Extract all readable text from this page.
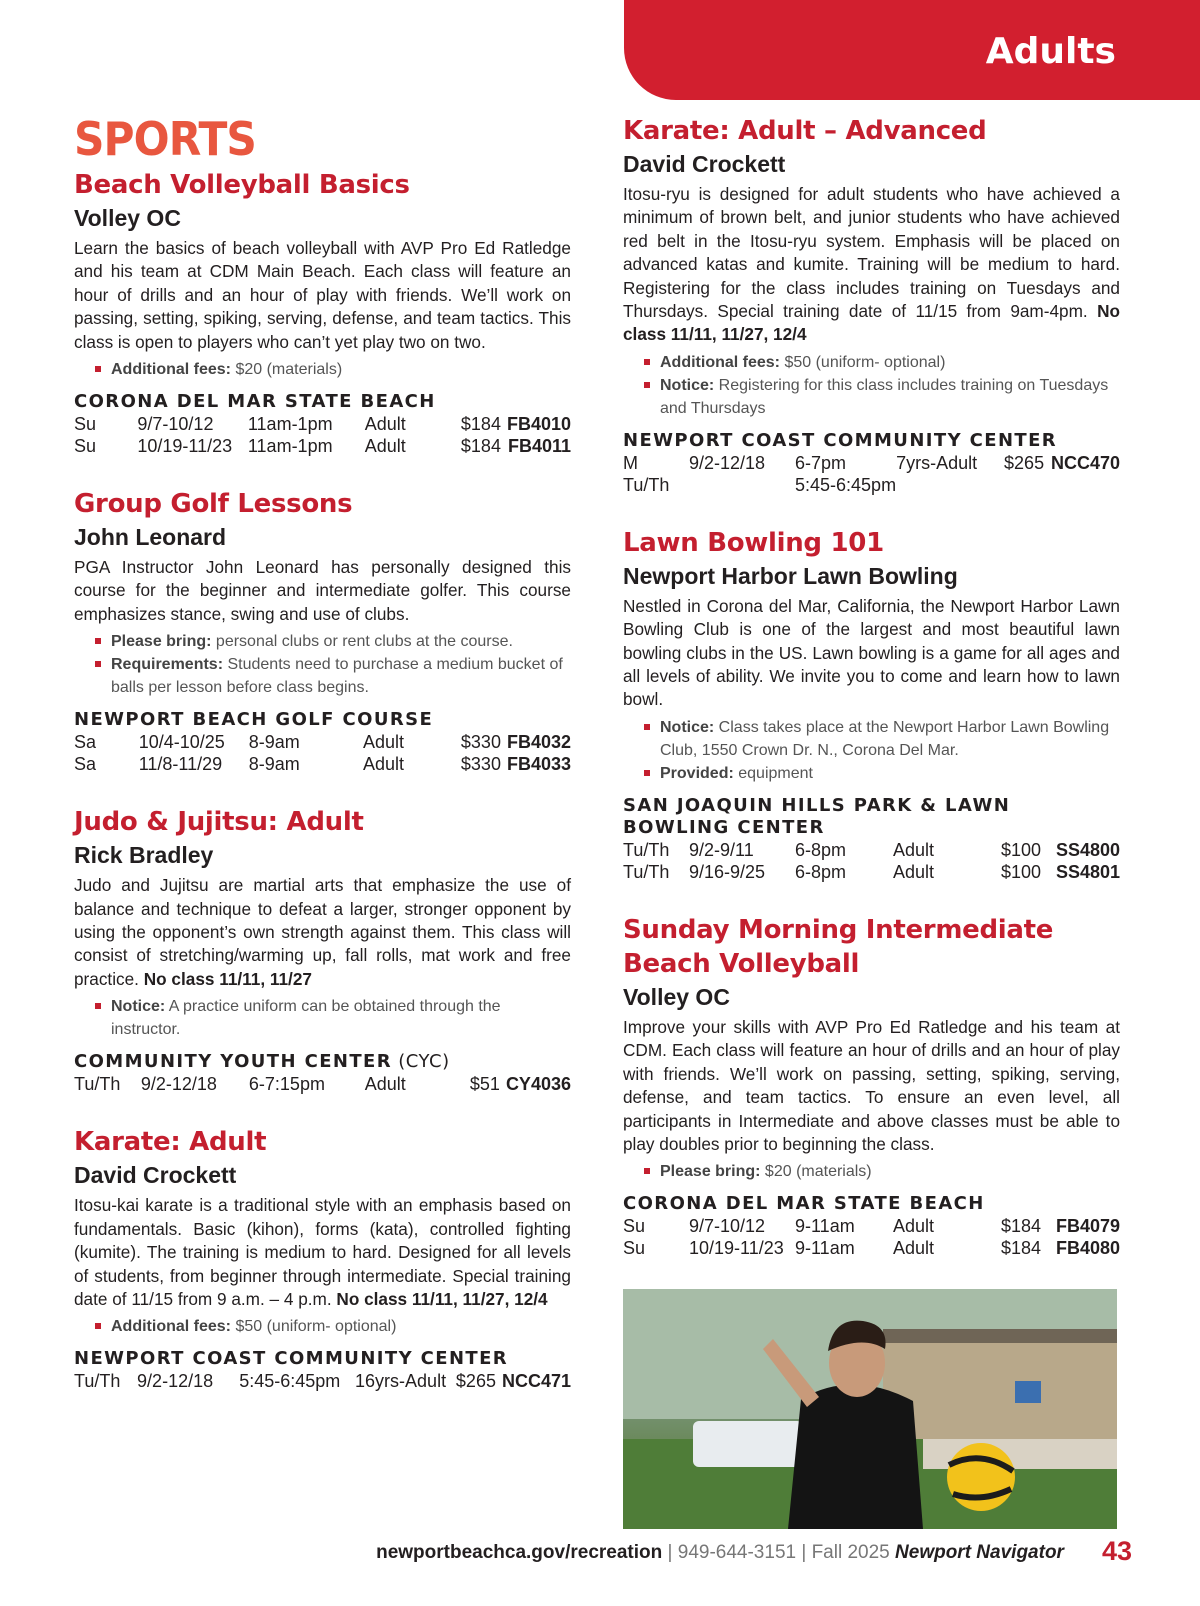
Adults
SPORTS
Beach Volleyball Basics
Volley OC

Learn the basics of beach volleyball with AVP Pro Ed Ratledge and his team at CDM Main Beach. Each class will feature an hour of drills and an hour of play with friends. We’ll work on passing, setting, spiking, serving, defense, and team tactics. This class is open to players who can’t yet play two on two.

Additional fees: $20 (materials)
CORONA DEL MAR STATE BEACH
Su	9/7-10/12	11am-1pm	Adult	$184	FB4010
Su	10/19-11/23	11am-1pm	Adult	$184	FB4011
Group Golf Lessons
John Leonard

PGA Instructor John Leonard has personally designed this course for the beginner and intermediate golfer. This course emphasizes stance, swing and use of clubs.

Please bring: personal clubs or rent clubs at the course.
Requirements: Students need to purchase a medium bucket of balls per lesson before class begins.
NEWPORT BEACH GOLF COURSE
Sa	10/4-10/25	8-9am	Adult	$330	FB4032
Sa	11/8-11/29	8-9am	Adult	$330	FB4033
Judo & Jujitsu: Adult
Rick Bradley

Judo and Jujitsu are martial arts that emphasize the use of balance and technique to defeat a larger, stronger opponent by using the opponent’s own strength against them. This class will consist of stretching/warming up, fall rolls, mat work and free practice. No class 11/11, 11/27

Notice: A practice uniform can be obtained through the instructor.
COMMUNITY YOUTH CENTER (CYC)
Tu/Th	9/2-12/18	6-7:15pm	Adult	$51	CY4036
Karate: Adult
David Crockett

Itosu-kai karate is a traditional style with an emphasis based on fundamentals. Basic (kihon), forms (kata), controlled fighting (kumite). The training is medium to hard. Designed for all levels of students, from beginner through intermediate. Special training date of 11/15 from 9 a.m. – 4 p.m. No class 11/11, 11/27, 12/4

Additional fees: $50 (uniform- optional)
NEWPORT COAST COMMUNITY CENTER
Tu/Th	9/2-12/18	5:45-6:45pm	16yrs-Adult	$265	NCC471
Karate: Adult – Advanced
David Crockett

Itosu-ryu is designed for adult students who have achieved a minimum of brown belt, and junior students who have achieved red belt in the Itosu-ryu system. Emphasis will be placed on advanced katas and kumite. Training will be medium to hard. Registering for the class includes training on Tuesdays and Thursdays. Special training date of 11/15 from 9am-4pm. No class 11/11, 11/27, 12/4

Additional fees: $50 (uniform- optional)
Notice: Registering for this class includes training on Tuesdays and Thursdays
NEWPORT COAST COMMUNITY CENTER
M	9/2-12/18	6-7pm	7yrs-Adult	$265	NCC470
Tu/Th		5:45-6:45pm			
Lawn Bowling 101
Newport Harbor Lawn Bowling

Nestled in Corona del Mar, California, the Newport Harbor Lawn Bowling Club is one of the largest and most beautiful lawn bowling clubs in the US. Lawn bowling is a game for all ages and all levels of ability. We invite you to come and learn how to lawn bowl.

Notice: Class takes place at the Newport Harbor Lawn Bowling Club, 1550 Crown Dr. N., Corona Del Mar.
Provided: equipment
SAN JOAQUIN HILLS PARK & LAWN BOWLING CENTER
Tu/Th	9/2-9/11	6-8pm	Adult	$100	SS4800
Tu/Th	9/16-9/25	6-8pm	Adult	$100	SS4801
Sunday Morning Intermediate Beach Volleyball
Volley OC

Improve your skills with AVP Pro Ed Ratledge and his team at CDM. Each class will feature an hour of drills and an hour of play with friends. We’ll work on passing, setting, spiking, serving, defense, and team tactics. To ensure an even level, all participants in Intermediate and above classes must be able to play doubles prior to beginning the class.

Please bring: $20 (materials)
CORONA DEL MAR STATE BEACH
Su	9/7-10/12	9-11am	Adult	$184	FB4079
Su	10/19-11/23	9-11am	Adult	$184	FB4080
newportbeachca.gov/recreation | 949-644-3151 | Fall 2025 Newport Navigator 43
